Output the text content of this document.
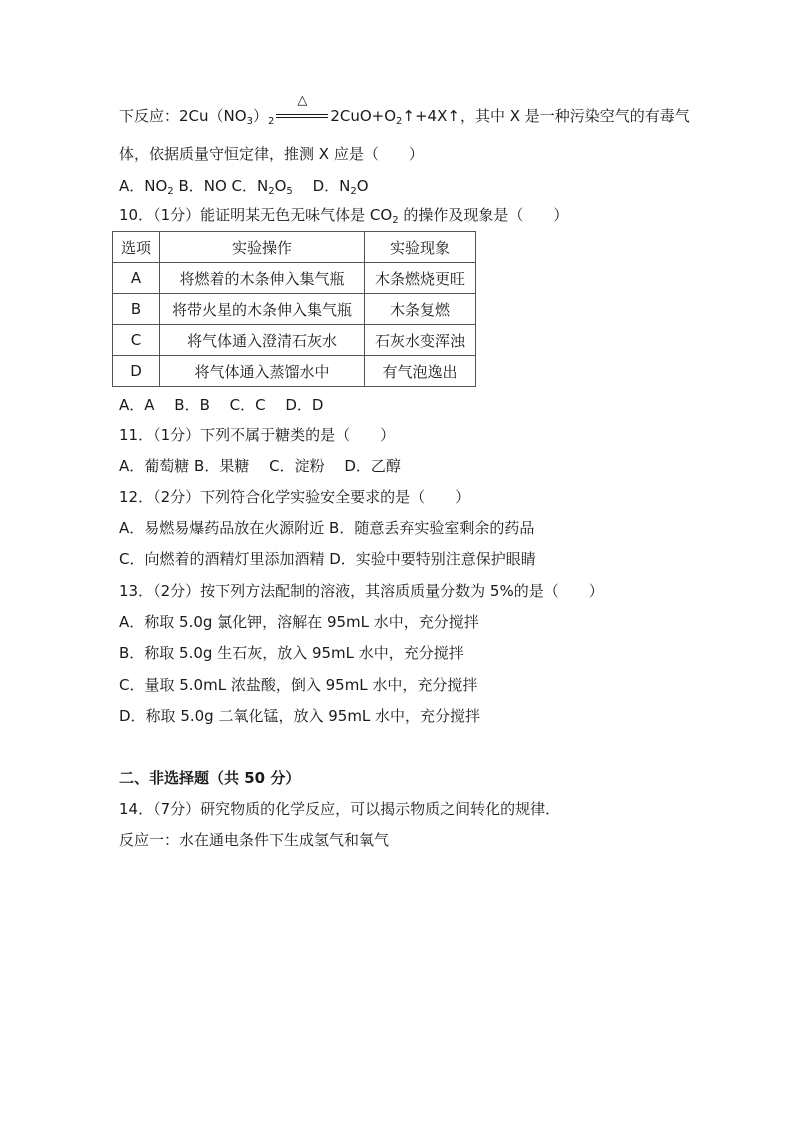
下反应：$2Cu(NO_3)_2$
△
$2CuO+O_2↑+4X↑$，其中 X 是一种污染空气的有毒气
体，依据质量守恒定律，推测 X 应是（　　）
A．$NO_2$ B．NO C．$N_2O_5$　 D．$N_2O$
10．（1分）能证明某无色无味气体是 $CO_2$ 的操作及现象是（　　）
选项	实验操作	实验现象
A	将燃着的木条伸入集气瓶	木条燃烧更旺
B	将带火星的木条伸入集气瓶	木条复燃
C	将气体通入澄清石灰水	石灰水变浑浊
D	将气体通入蒸馏水中	有气泡逸出
A．A　 B．B　 C．C　 D．D
11．（1分）下列不属于糖类的是（　　）
A．葡萄糖 B．果糖　 C．淀粉　 D．乙醇
12．（2分）下列符合化学实验安全要求的是（　　）
A．易燃易爆药品放在火源附近 B．随意丢弃实验室剩余的药品
C．向燃着的酒精灯里添加酒精 D．实验中要特别注意保护眼睛
13．（2分）按下列方法配制的溶液，其溶质质量分数为 5%的是（　　）
A．称取 5.0g 氯化钾，溶解在 95mL 水中，充分搅拌
B．称取 5.0g 生石灰，放入 95mL 水中，充分搅拌
C．量取 5.0mL 浓盐酸，倒入 95mL 水中，充分搅拌
D．称取 5.0g 二氧化锰，放入 95mL 水中，充分搅拌
二、非选择题（共 50 分）
14．（7分）研究物质的化学反应，可以揭示物质之间转化的规律．
反应一：水在通电条件下生成氢气和氧气
